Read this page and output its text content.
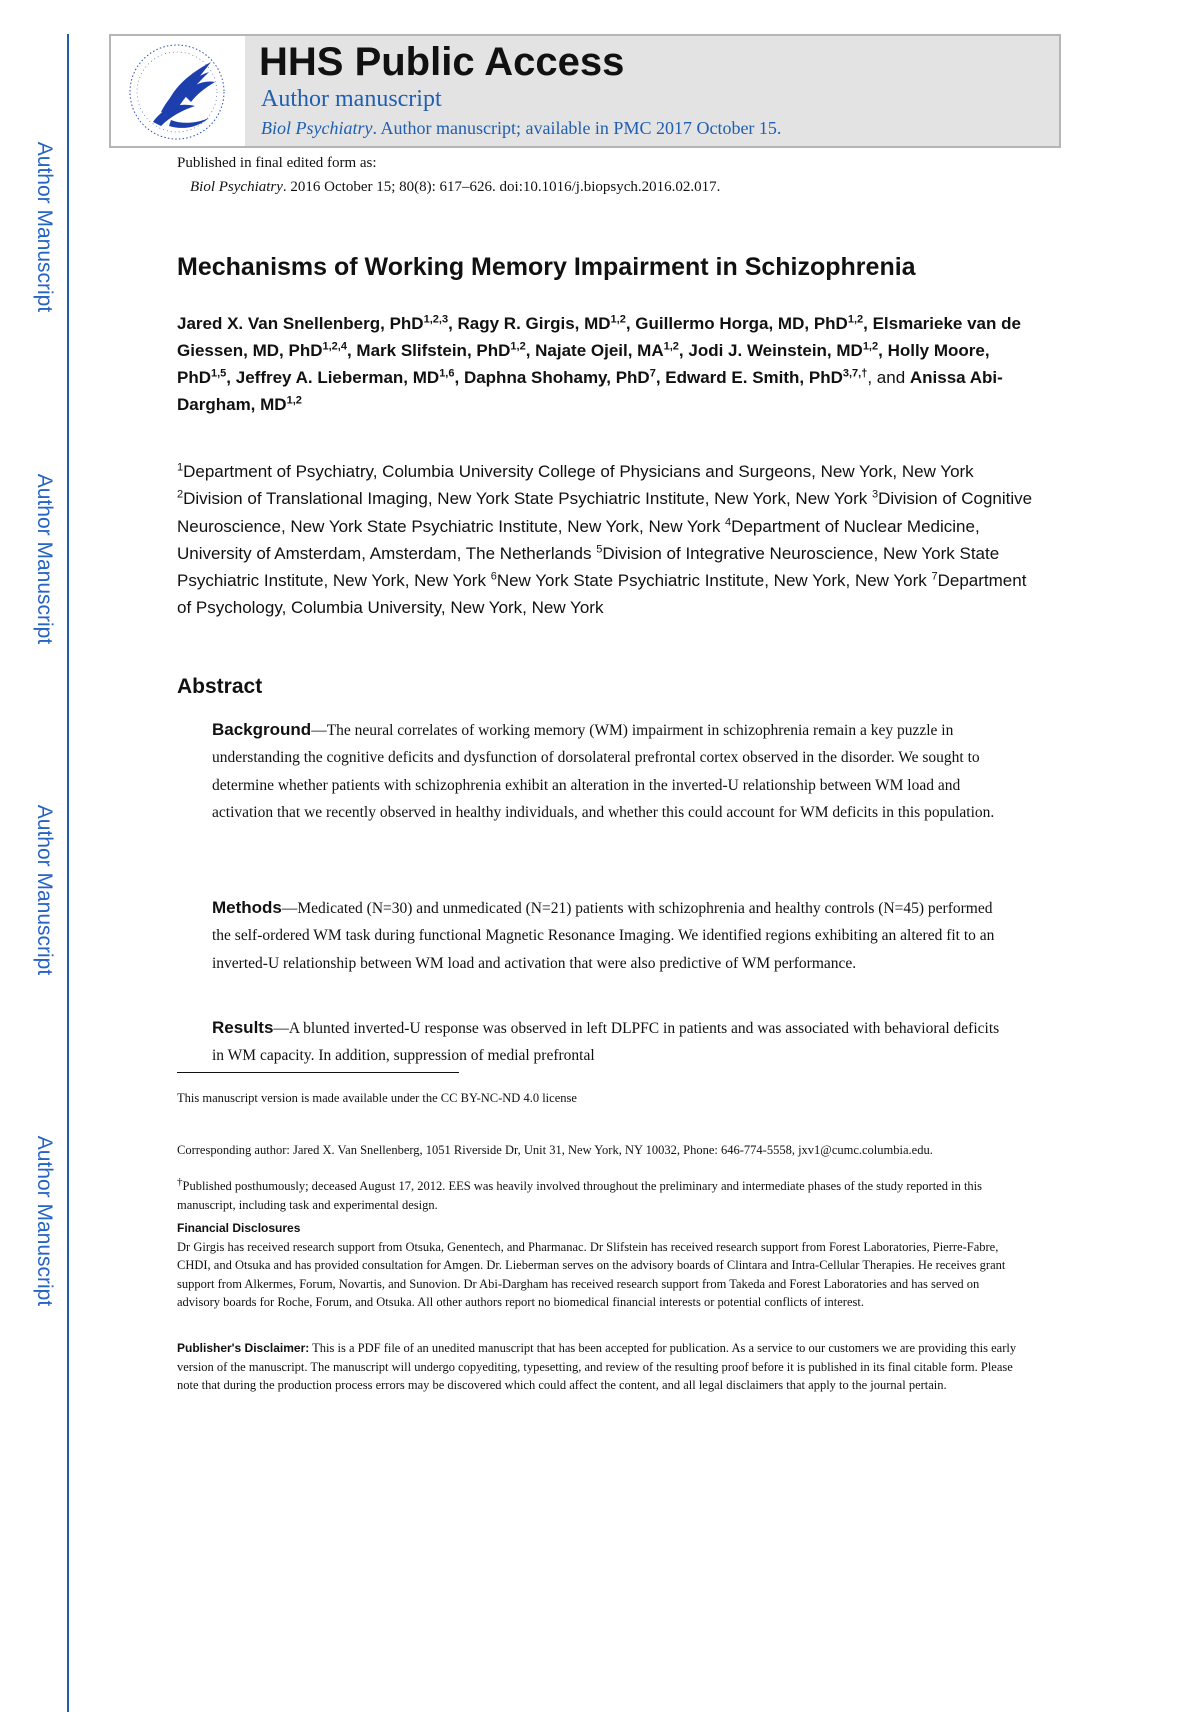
Author Manuscript
Author Manuscript
Author Manuscript
Author Manuscript
HHS Public Access
Author manuscript
Biol Psychiatry. Author manuscript; available in PMC 2017 October 15.
Published in final edited form as:
Biol Psychiatry. 2016 October 15; 80(8): 617–626. doi:10.1016/j.biopsych.2016.02.017.
Mechanisms of Working Memory Impairment in Schizophrenia
Jared X. Van Snellenberg, PhD$^{1,2,3}$, Ragy R. Girgis, MD$^{1,2}$, Guillermo Horga, MD, PhD$^{1,2}$, Elsmarieke van de Giessen, MD, PhD$^{1,2,4}$, Mark Slifstein, PhD$^{1,2}$, Najate Ojeil, MA$^{1,2}$, Jodi J. Weinstein, MD$^{1,2}$, Holly Moore, PhD$^{1,5}$, Jeffrey A. Lieberman, MD$^{1,6}$, Daphna Shohamy, PhD$^7$, Edward E. Smith, PhD$^{3,7,\dagger}$, and Anissa Abi-Dargham, MD$^{1,2}$
$^1$Department of Psychiatry, Columbia University College of Physicians and Surgeons, New York, New York $^2$Division of Translational Imaging, New York State Psychiatric Institute, New York, New York $^3$Division of Cognitive Neuroscience, New York State Psychiatric Institute, New York, New York $^4$Department of Nuclear Medicine, University of Amsterdam, Amsterdam, The Netherlands $^5$Division of Integrative Neuroscience, New York State Psychiatric Institute, New York, New York $^6$New York State Psychiatric Institute, New York, New York $^7$Department of Psychology, Columbia University, New York, New York
Abstract
Background—The neural correlates of working memory (WM) impairment in schizophrenia remain a key puzzle in understanding the cognitive deficits and dysfunction of dorsolateral prefrontal cortex observed in the disorder. We sought to determine whether patients with schizophrenia exhibit an alteration in the inverted-U relationship between WM load and activation that we recently observed in healthy individuals, and whether this could account for WM deficits in this population.
Methods—Medicated (N=30) and unmedicated (N=21) patients with schizophrenia and healthy controls (N=45) performed the self-ordered WM task during functional Magnetic Resonance Imaging. We identified regions exhibiting an altered fit to an inverted-U relationship between WM load and activation that were also predictive of WM performance.
Results—A blunted inverted-U response was observed in left DLPFC in patients and was associated with behavioral deficits in WM capacity. In addition, suppression of medial prefrontal
This manuscript version is made available under the CC BY-NC-ND 4.0 license
Corresponding author: Jared X. Van Snellenberg, 1051 Riverside Dr, Unit 31, New York, NY 10032, Phone: 646-774-5558, jxv1@cumc.columbia.edu.
†Published posthumously; deceased August 17, 2012. EES was heavily involved throughout the preliminary and intermediate phases of the study reported in this manuscript, including task and experimental design.
Financial Disclosures
Dr Girgis has received research support from Otsuka, Genentech, and Pharmanac. Dr Slifstein has received research support from Forest Laboratories, Pierre-Fabre, CHDI, and Otsuka and has provided consultation for Amgen. Dr. Lieberman serves on the advisory boards of Clintara and Intra-Cellular Therapies. He receives grant support from Alkermes, Forum, Novartis, and Sunovion. Dr Abi-Dargham has received research support from Takeda and Forest Laboratories and has served on advisory boards for Roche, Forum, and Otsuka. All other authors report no biomedical financial interests or potential conflicts of interest.
Publisher's Disclaimer: This is a PDF file of an unedited manuscript that has been accepted for publication. As a service to our customers we are providing this early version of the manuscript. The manuscript will undergo copyediting, typesetting, and review of the resulting proof before it is published in its final citable form. Please note that during the production process errors may be discovered which could affect the content, and all legal disclaimers that apply to the journal pertain.
